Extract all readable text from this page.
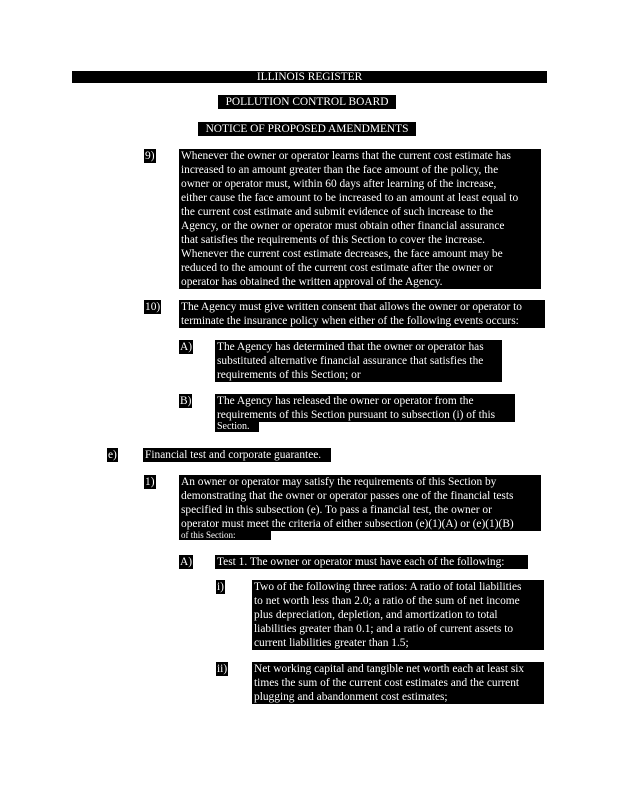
ILLINOIS REGISTER
POLLUTION CONTROL BOARD
NOTICE OF PROPOSED AMENDMENTS
9) Whenever the owner or operator learns that the current cost estimate has
increased to an amount greater than the face amount of the policy, the
owner or operator must, within 60 days after learning of the increase,
either cause the face amount to be increased to an amount at least equal to
the current cost estimate and submit evidence of such increase to the
Agency, or the owner or operator must obtain other financial assurance
that satisfies the requirements of this Section to cover the increase.
Whenever the current cost estimate decreases, the face amount may be
reduced to the amount of the current cost estimate after the owner or
operator has obtained the written approval of the Agency.
10) The Agency must give written consent that allows the owner or operator to
terminate the insurance policy when either of the following events occurs:
A) The Agency has determined that the owner or operator has
substituted alternative financial assurance that satisfies the
requirements of this Section; or
B) The Agency has released the owner or operator from the
requirements of this Section pursuant to subsection (i) of this
Section.
e) Financial test and corporate guarantee.
1) An owner or operator may satisfy the requirements of this Section by
demonstrating that the owner or operator passes one of the financial tests
specified in this subsection (e). To pass a financial test, the owner or
operator must meet the criteria of either subsection (e)(1)(A) or (e)(1)(B)
of this Section:
A) Test 1. The owner or operator must have each of the following:
i)	Two of the following three ratios: A ratio of total liabilities
to net worth less than 2.0; a ratio of the sum of net income
plus depreciation, depletion, and amortization to total
liabilities greater than 0.1; and a ratio of current assets to
current liabilities greater than 1.5;
ii) Net working capital and tangible net worth each at least six
times the sum of the current cost estimates and the current
plugging and abandonment cost estimates;
